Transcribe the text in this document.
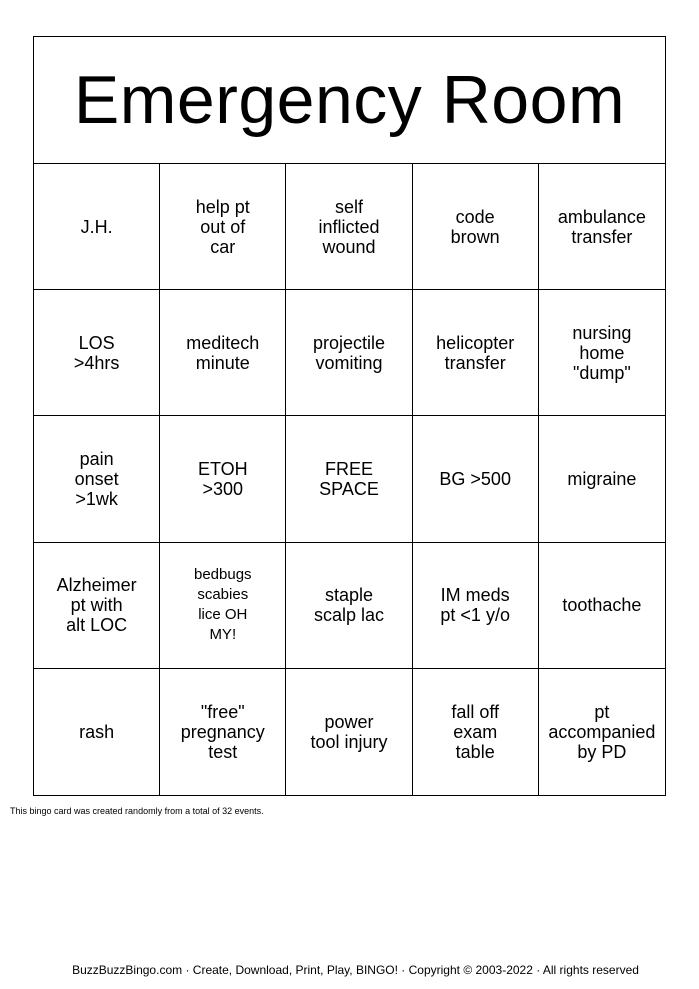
Emergency Room
J.H.
help pt
out of
car
self
inflicted
wound
code
brown
ambulance
transfer
LOS
>4hrs
meditech
minute
projectile
vomiting
helicopter
transfer
nursing
home
"dump"
pain
onset
>1wk
ETOH
>300
FREE
SPACE	BG >500	migraine
Alzheimer
pt with
alt LOC
bedbugs
scabies
lice OH
MY!
staple
scalp lac
IM meds
pt <1 y/o	toothache
rash
"free"
pregnancy
test
power
tool injury
fall off
exam
table
pt
accompanied
by PD
This bingo card was created randomly from a total of 32 events.
BuzzBuzzBingo.com · Create, Download, Print, Play, BINGO! · Copyright © 2003-2022 · All rights reserved
